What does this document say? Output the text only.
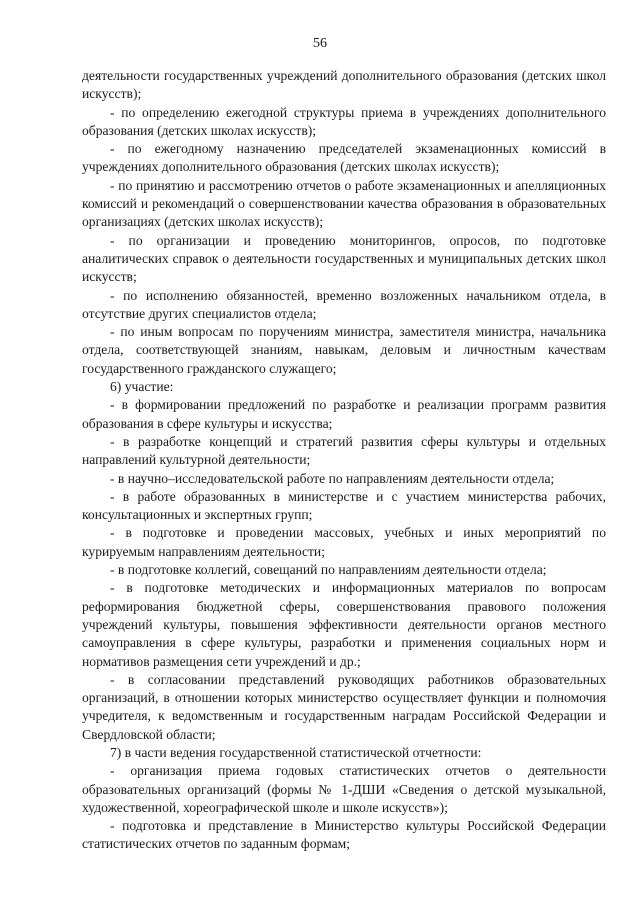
56

деятельности государственных учреждений дополнительного образования (детских школ искусств);

- по определению ежегодной структуры приема в учреждениях дополнительного образования (детских школах искусств);

- по ежегодному назначению председателей экзаменационных комиссий в учреждениях дополнительного образования (детских школах искусств);

- по принятию и рассмотрению отчетов о работе экзаменационных и апелляционных комиссий и рекомендаций о совершенствовании качества образования в образовательных организациях (детских школах искусств);

- по организации и проведению мониторингов, опросов, по подготовке аналитических справок о деятельности государственных и муниципальных детских школ искусств;

- по исполнению обязанностей, временно возложенных начальником отдела, в отсутствие других специалистов отдела;

- по иным вопросам по поручениям министра, заместителя министра, начальника отдела, соответствующей знаниям, навыкам, деловым и личностным качествам государственного гражданского служащего;

6) участие:

- в формировании предложений по разработке и реализации программ развития образования в сфере культуры и искусства;

- в разработке концепций и стратегий развития сферы культуры и отдельных направлений культурной деятельности;

- в научно–исследовательской работе по направлениям деятельности отдела;

- в работе образованных в министерстве и с участием министерства рабочих, консультационных и экспертных групп;

- в подготовке и проведении массовых, учебных и иных мероприятий по курируемым направлениям деятельности;

- в подготовке коллегий, совещаний по направлениям деятельности отдела;

- в подготовке методических и информационных материалов по вопросам реформирования бюджетной сферы, совершенствования правового положения учреждений культуры, повышения эффективности деятельности органов местного самоуправления в сфере культуры, разработки и применения социальных норм и нормативов размещения сети учреждений и др.;

- в согласовании представлений руководящих работников образовательных организаций, в отношении которых министерство осуществляет функции и полномочия учредителя, к ведомственным и государственным наградам Российской Федерации и Свердловской области;

7) в части ведения государственной статистической отчетности:

- организация приема годовых статистических отчетов о деятельности образовательных организаций (формы № 1-ДШИ «Сведения о детской музыкальной, художественной, хореографической школе и школе искусств»);

- подготовка и представление в Министерство культуры Российской Федерации статистических отчетов по заданным формам;
